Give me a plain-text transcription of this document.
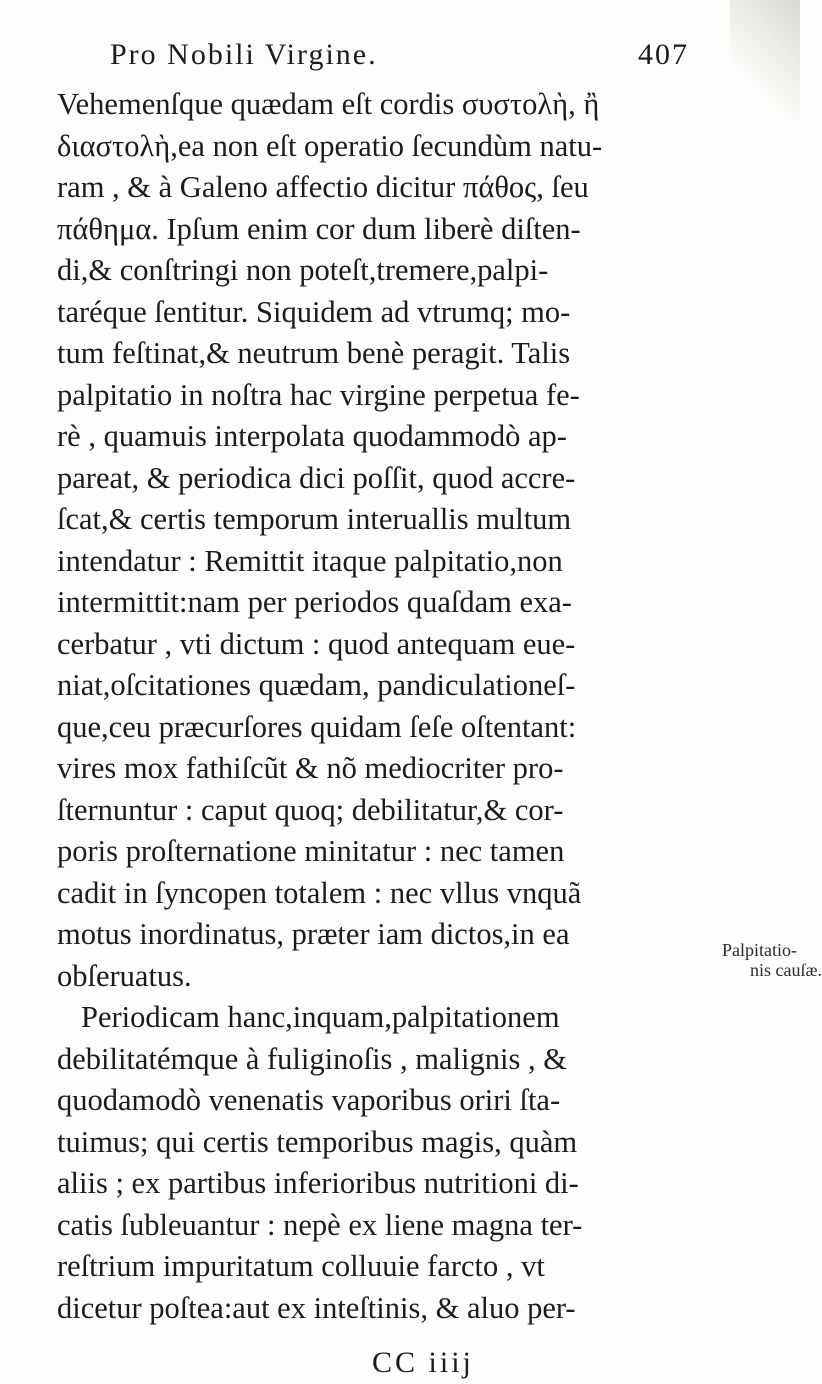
Pro Nobili Virgine.	407
Vehemenſque quædam eſt cordis συστολὴ, ἢ
διαστολὴ,ea non eſt operatio ſecundùm natu-
ram , & à Galeno affectio dicitur πάθος, ſeu
πάθημα. Ipſum enim cor dum liberè diſten-
di,& conſtringi non poteſt,tremere,palpi-
taréque ſentitur. Siquidem ad vtrumq; mo-
tum feſtinat,& neutrum benè peragit. Talis
palpitatio in noſtra hac virgine perpetua fe-
rè , quamuis interpolata quodammodò ap-
pareat, & periodica dici poſſit, quod accre-
ſcat,& certis temporum interuallis multum
intendatur : Remittit itaque palpitatio,non
intermittit:nam per periodos quaſdam exa-
cerbatur , vti dictum : quod antequam eue-
niat,oſcitationes quædam, pandiculationeſ-
que,ceu præcurſores quidam ſeſe oſtentant:
vires mox fathiſcũt & nõ mediocriter pro-
ſternuntur : caput quoq; debilitatur,& cor-
poris proſternatione minitatur : nec tamen
cadit in ſyncopen totalem : nec vllus vnquã
motus inordinatus, præter iam dictos,in ea
obſeruatus.
Periodicam hanc,inquam,palpitationem
debilitatémque à fuliginoſis , malignis , &
quodamodò venenatis vaporibus oriri ſta-
tuimus; qui certis temporibus magis, quàm
aliis ; ex partibus inferioribus nutritioni di-
catis ſubleuantur : nepè ex liene magna ter-
reſtrium impuritatum colluuie farcto , vt
dicetur poſtea:aut ex inteſtinis, & aluo per-
Palpitatio-
nis cauſæ.
CC iiij
